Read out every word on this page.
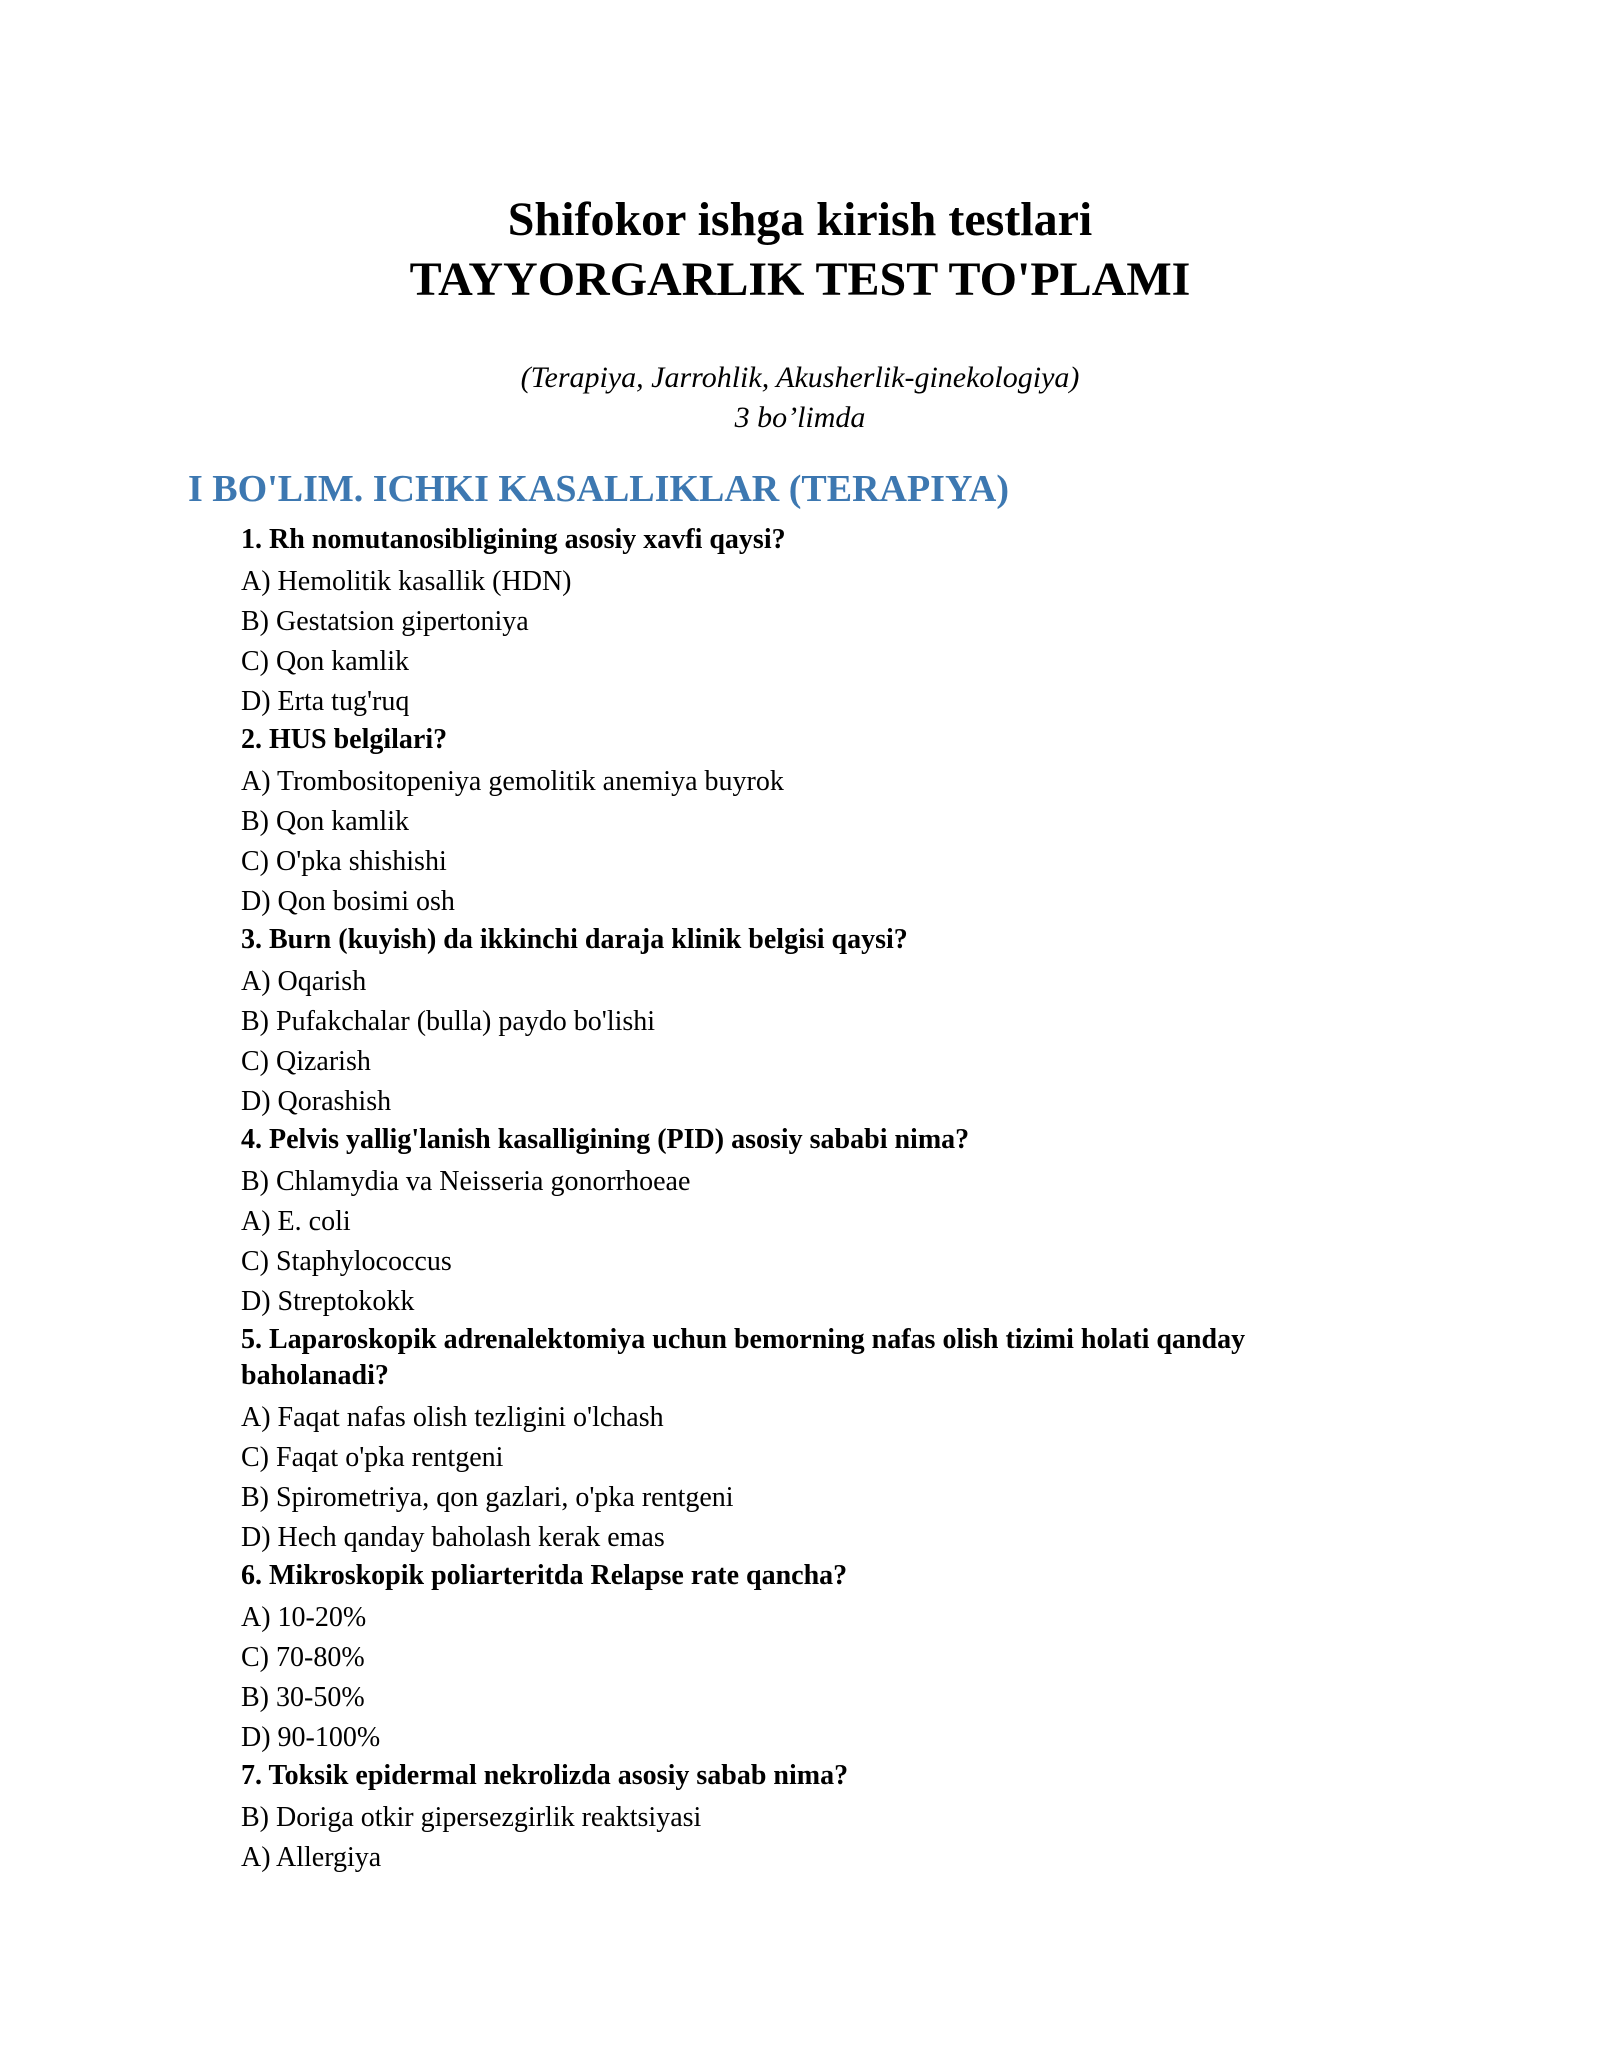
Shifokor ishga kirish testlari

TAYYORGARLIK TEST TO'PLAMI

(Terapiya, Jarrohlik, Akusherlik-ginekologiya)

3 bo’limda

I BO'LIM. ICHKI KASALLIKLAR (TERAPIYA)

1. Rh nomutanosibligining asosiy xavfi qaysi?

A) Hemolitik kasallik (HDN)

B) Gestatsion gipertoniya

C) Qon kamlik

D) Erta tug'ruq

2. HUS belgilari?

A) Trombositopeniya gemolitik anemiya buyrok

B) Qon kamlik

C) O'pka shishishi

D) Qon bosimi osh

3. Burn (kuyish) da ikkinchi daraja klinik belgisi qaysi?

A) Oqarish

B) Pufakchalar (bulla) paydo bo'lishi

C) Qizarish

D) Qorashish

4. Pelvis yallig'lanish kasalligining (PID) asosiy sababi nima?

B) Chlamydia va Neisseria gonorrhoeae

A) E. coli

C) Staphylococcus

D) Streptokokk

5. Laparoskopik adrenalektomiya uchun bemorning nafas olish tizimi holati qanday baholanadi?

A) Faqat nafas olish tezligini o'lchash

C) Faqat o'pka rentgeni

B) Spirometriya, qon gazlari, o'pka rentgeni

D) Hech qanday baholash kerak emas

6. Mikroskopik poliarteritda Relapse rate qancha?

A) 10-20%

C) 70-80%

B) 30-50%

D) 90-100%

7. Toksik epidermal nekrolizda asosiy sabab nima?

B) Doriga otkir gipersezgirlik reaktsiyasi

A) Allergiya
